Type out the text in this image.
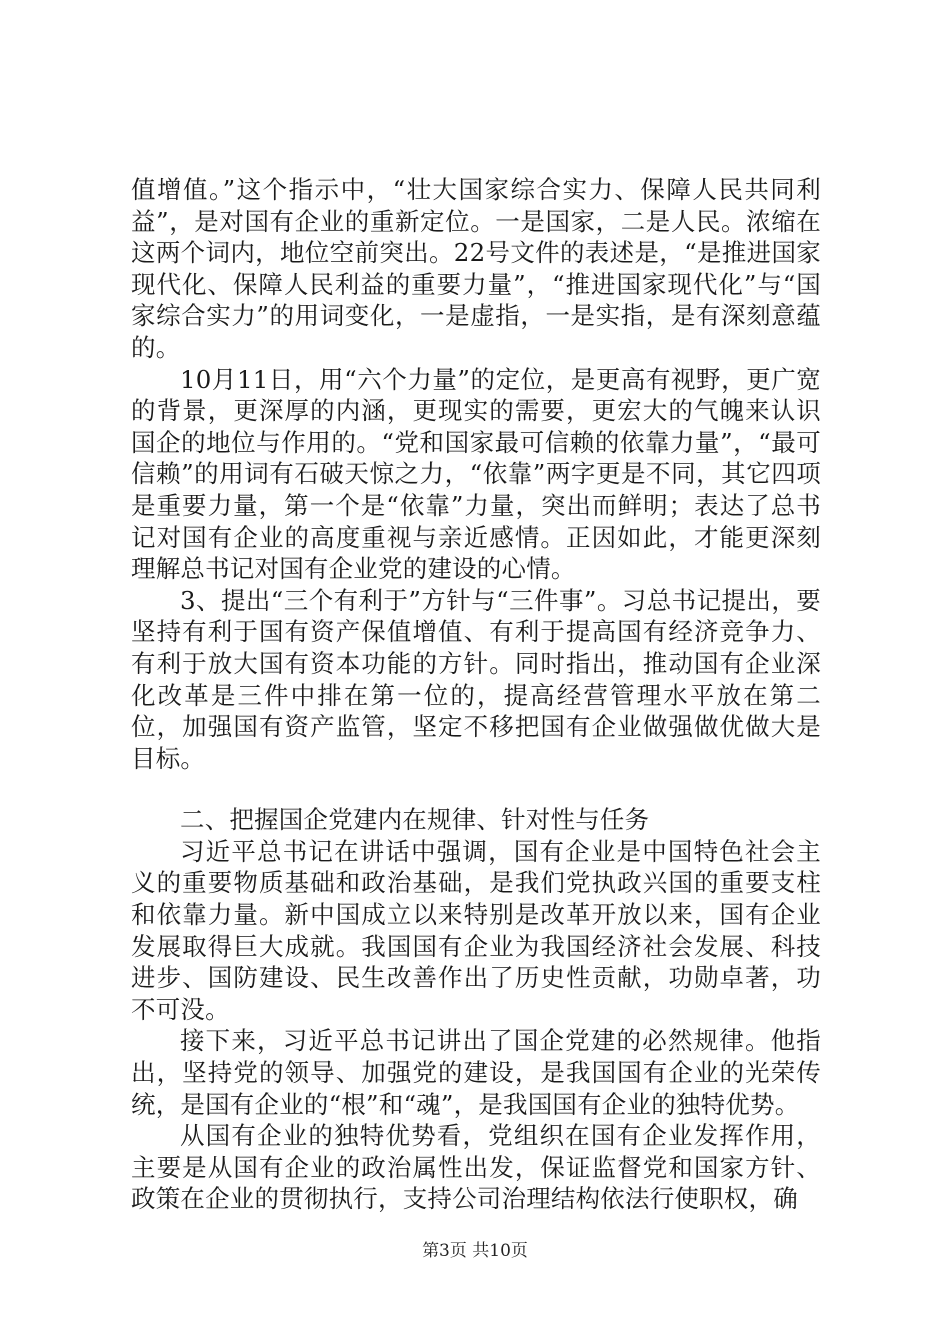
值增值。”这个指示中，“壮大国家综合实力、保障人民共同利益”，是对国有企业的重新定位。一是国家，二是人民。浓缩在这两个词内，地位空前突出。22号文件的表述是，“是推进国家现代化、保障人民利益的重要力量”，“推进国家现代化”与“国家综合实力”的用词变化，一是虚指，一是实指，是有深刻意蕴的。

10月11日，用“六个力量”的定位，是更高有视野，更广宽的背景，更深厚的内涵，更现实的需要，更宏大的气魄来认识国企的地位与作用的。“党和国家最可信赖的依靠力量”，“最可信赖”的用词有石破天惊之力，“依靠”两字更是不同，其它四项是重要力量，第一个是“依靠”力量，突出而鲜明；表达了总书记对国有企业的高度重视与亲近感情。正因如此，才能更深刻理解总书记对国有企业党的建设的心情。

3、提出“三个有利于”方针与“三件事”。习总书记提出，要坚持有利于国有资产保值增值、有利于提高国有经济竞争力、有利于放大国有资本功能的方针。同时指出，推动国有企业深化改革是三件中排在第一位的，提高经营管理水平放在第二位，加强国有资产监管，坚定不移把国有企业做强做优做大是目标。

二、把握国企党建内在规律、针对性与任务

习近平总书记在讲话中强调，国有企业是中国特色社会主义的重要物质基础和政治基础，是我们党执政兴国的重要支柱和依靠力量。新中国成立以来特别是改革开放以来，国有企业发展取得巨大成就。我国国有企业为我国经济社会发展、科技进步、国防建设、民生改善作出了历史性贡献，功勋卓著，功不可没。

接下来，习近平总书记讲出了国企党建的必然规律。他指出，坚持党的领导、加强党的建设，是我国国有企业的光荣传统，是国有企业的“根”和“魂”，是我国国有企业的独特优势。

从国有企业的独特优势看，党组织在国有企业发挥作用，主要是从国有企业的政治属性出发，保证监督党和国家方针、政策在企业的贯彻执行，支持公司治理结构依法行使职权，确

第3页 共10页
